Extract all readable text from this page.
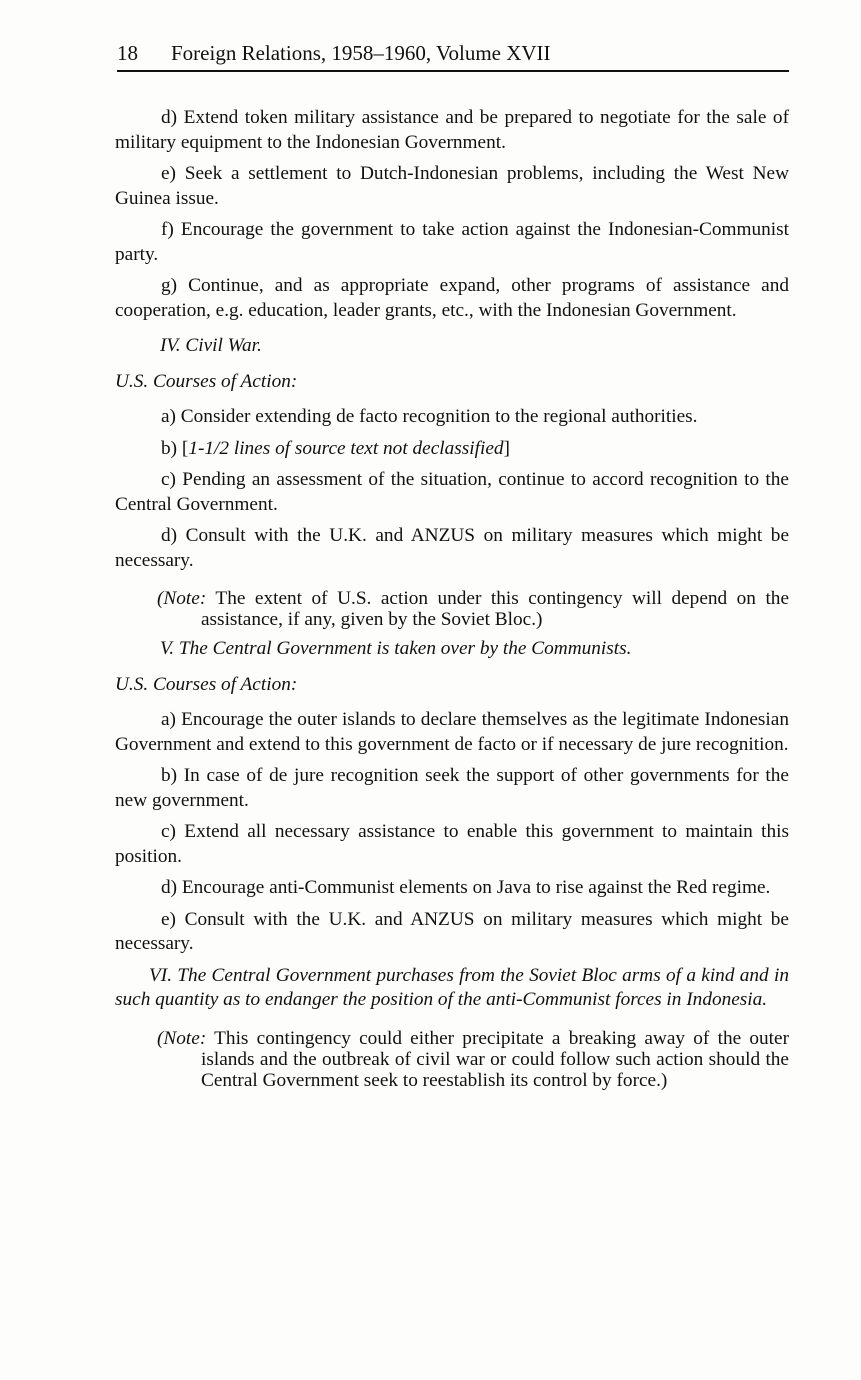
18 Foreign Relations, 1958–1960, Volume XVII

d) Extend token military assistance and be prepared to negotiate for the sale of military equipment to the Indonesian Government.

e) Seek a settlement to Dutch-Indonesian problems, including the West New Guinea issue.

f) Encourage the government to take action against the Indonesian-Communist party.

g) Continue, and as appropriate expand, other programs of assistance and cooperation, e.g. education, leader grants, etc., with the Indonesian Government.

IV. Civil War.

U.S. Courses of Action:

a) Consider extending de facto recognition to the regional authorities.

b) [1-1/2 lines of source text not declassified]

c) Pending an assessment of the situation, continue to accord recognition to the Central Government.

d) Consult with the U.K. and ANZUS on military measures which might be necessary.

(Note: The extent of U.S. action under this contingency will depend on the assistance, if any, given by the Soviet Bloc.)

V. The Central Government is taken over by the Communists.

U.S. Courses of Action:

a) Encourage the outer islands to declare themselves as the legitimate Indonesian Government and extend to this government de facto or if necessary de jure recognition.

b) In case of de jure recognition seek the support of other governments for the new government.

c) Extend all necessary assistance to enable this government to maintain this position.

d) Encourage anti-Communist elements on Java to rise against the Red regime.

e) Consult with the U.K. and ANZUS on military measures which might be necessary.

VI. The Central Government purchases from the Soviet Bloc arms of a kind and in such quantity as to endanger the position of the anti-Communist forces in Indonesia.

(Note: This contingency could either precipitate a breaking away of the outer islands and the outbreak of civil war or could follow such action should the Central Government seek to reestablish its control by force.)
